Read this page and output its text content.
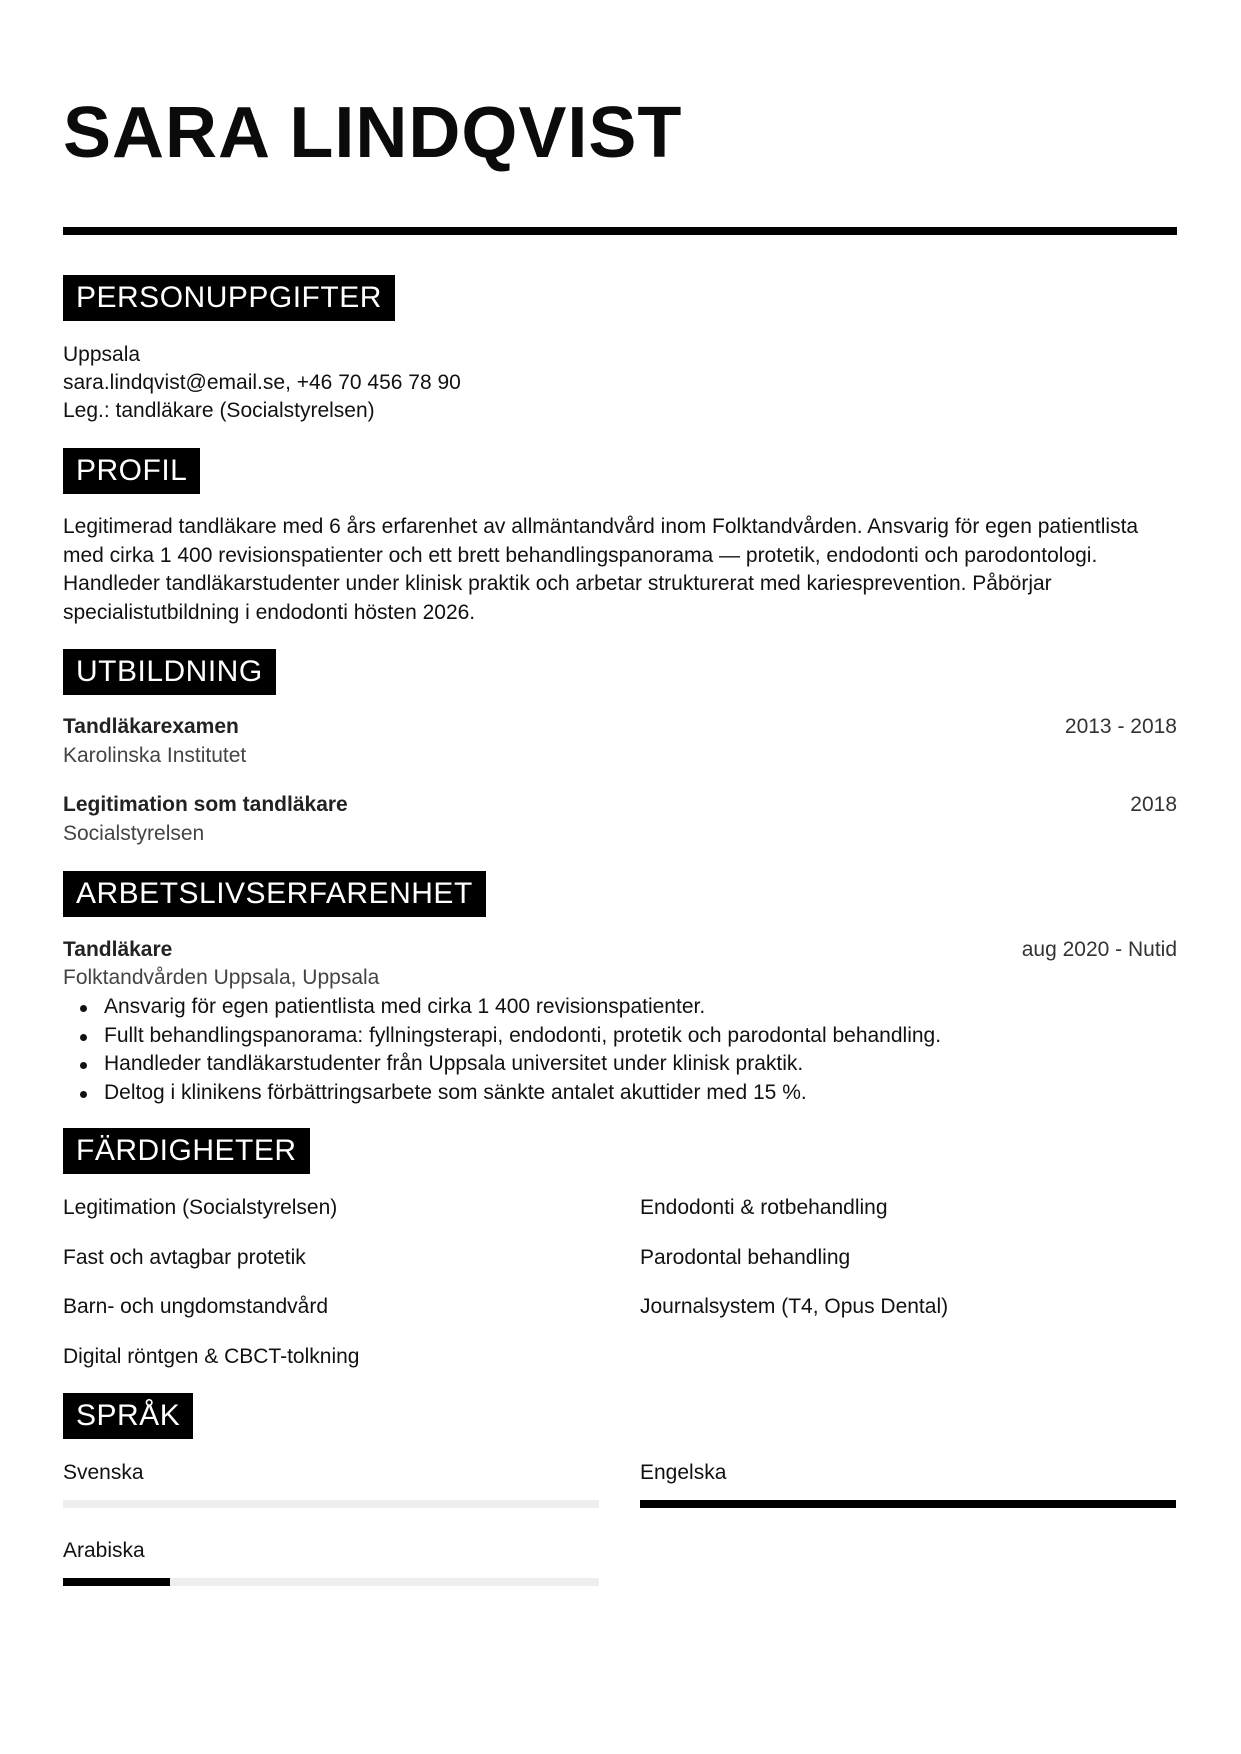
SARA LINDQVIST
PERSONUPPGIFTER
Uppsala
sara.lindqvist@email.se, +46 70 456 78 90
Leg.: tandläkare (Socialstyrelsen)
PROFIL
Legitimerad tandläkare med 6 års erfarenhet av allmäntandvård inom Folktandvården. Ansvarig för egen patientlista med cirka 1 400 revisionspatienter och ett brett behandlingspanorama — protetik, endodonti och parodontologi. Handleder tandläkarstudenter under klinisk praktik och arbetar strukturerat med kariesprevention. Påbörjar specialistutbildning i endodonti hösten 2026.
UTBILDNING
Tandläkarexamen	2013 - 2018
Karolinska Institutet
Legitimation som tandläkare	2018
Socialstyrelsen
ARBETSLIVSERFARENHET
Tandläkare	aug 2020 - Nutid
Folktandvården Uppsala, Uppsala
Ansvarig för egen patientlista med cirka 1 400 revisionspatienter.
Fullt behandlingspanorama: fyllningsterapi, endodonti, protetik och parodontal behandling.
Handleder tandläkarstudenter från Uppsala universitet under klinisk praktik.
Deltog i klinikens förbättringsarbete som sänkte antalet akuttider med 15 %.
FÄRDIGHETER
Legitimation (Socialstyrelsen)	Endodonti & rotbehandling
Fast och avtagbar protetik	Parodontal behandling
Barn- och ungdomstandvård	Journalsystem (T4, Opus Dental)
Digital röntgen & CBCT-tolkning
SPRÅK
Svenska	Engelska
Arabiska
